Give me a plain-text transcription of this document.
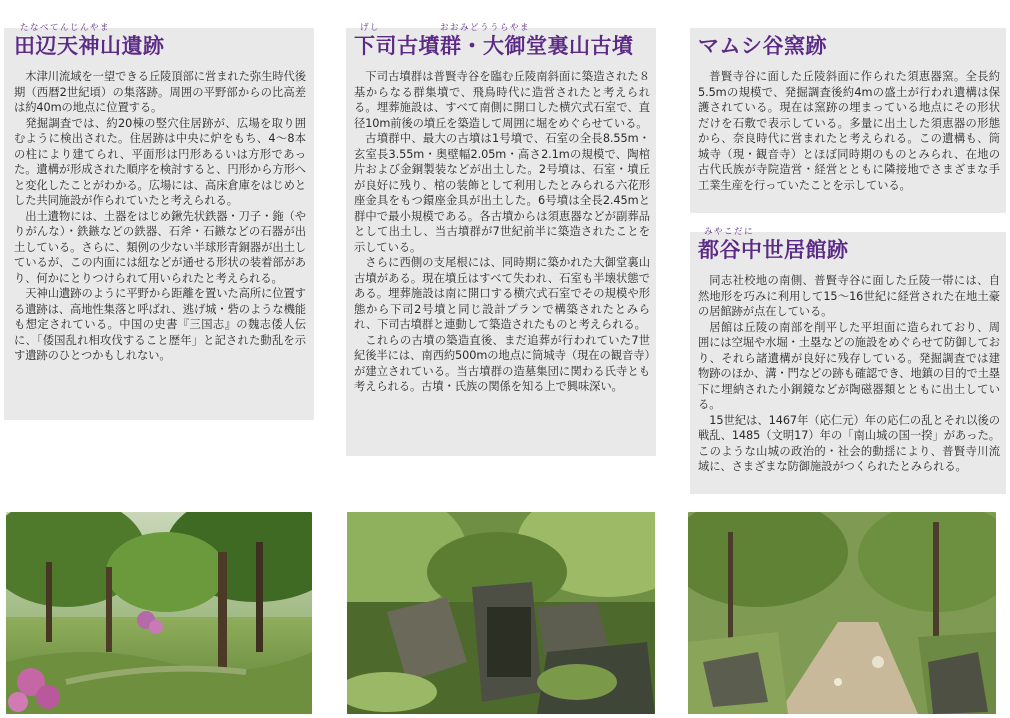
たなべてんじんやま
田辺天神山遺跡

木津川流域を一望できる丘陵頂部に営まれた弥生時代後期（西暦2世紀頃）の集落跡。周囲の平野部からの比高差は約40mの地点に位置する。

発掘調査では、約20棟の竪穴住居跡が、広場を取り囲むように検出された。住居跡は中央に炉をもち、4～8本の柱により建てられ、平面形は円形あるいは方形であった。遺構が形成された順序を検討すると、円形から方形へと変化したことがわかる。広場には、高床倉庫をはじめとした共同施設が作られていたと考えられる。

出土遺物には、土器をはじめ鍬先状鉄器・刀子・鉇（やりがんな）・鉄鏃などの鉄器、石斧・石鏃などの石器が出土している。さらに、類例の少ない半球形青銅器が出土しているが、この内面には紐などが通せる形状の装着部があり、何かにとりつけられて用いられたと考えられる。

天神山遺跡のように平野から距離を置いた高所に位置する遺跡は、高地性集落と呼ばれ、逃げ城・砦のような機能も想定されている。中国の史書『三国志』の魏志倭人伝に、「倭国乱れ相攻伐すること歴年」と記された動乱を示す遺跡のひとつかもしれない。

げし　　　　　　おおみどううらやま
下司古墳群・大御堂裏山古墳

下司古墳群は普賢寺谷を臨む丘陵南斜面に築造された８基からなる群集墳で、飛鳥時代に造営されたと考えられる。埋葬施設は、すべて南側に開口した横穴式石室で、直径10m前後の墳丘を築造して周囲に堀をめぐらせている。

古墳群中、最大の古墳は1号墳で、石室の全長8.55m・玄室長3.55m・奥壁幅2.05m・高さ2.1mの規模で、陶棺片および金銅製装などが出土した。2号墳は、石室・墳丘が良好に残り、棺の装飾として利用したとみられる六花形座金具をもつ鐶座金具が出土した。6号墳は全長2.45mと群中で最小規模である。各古墳からは須恵器などが副葬品として出土し、当古墳群が7世紀前半に築造されたことを示している。

さらに西側の支尾根には、同時期に築かれた大御堂裏山古墳がある。現在墳丘はすべて失われ、石室も半壊状態である。埋葬施設は南に開口する横穴式石室でその規模や形態から下司2号墳と同じ設計プランで構築されたとみられ、下司古墳群と連動して築造されたものと考えられる。

これらの古墳の築造直後、まだ追葬が行われていた7世紀後半には、南西約500mの地点に筒城寺（現在の観音寺）が建立されている。当古墳群の造墓集団に関わる氏寺とも考えられる。古墳・氏族の関係を知る上で興味深い。

マムシ谷窯跡

普賢寺谷に面した丘陵斜面に作られた須恵器窯。全長約5.5mの規模で、発掘調査後約4mの盛土が行われ遺構は保護されている。現在は窯跡の埋まっている地点にその形状だけを石敷で表示している。多量に出土した須恵器の形態から、奈良時代に営まれたと考えられる。この遺構も、筒城寺（現・観音寺）とほぼ同時期のものとみられ、在地の古代氏族が寺院造営・経営とともに隣接地でさまざまな手工業生産を行っていたことを示している。

みやこだに
都谷中世居館跡

同志社校地の南側、普賢寺谷に面した丘陵一帯には、自然地形を巧みに利用して15～16世紀に経営された在地土豪の居館跡が点在している。

居館は丘陵の南部を削平した平坦面に造られており、周囲には空堀や水堀・土塁などの施設をめぐらせて防御しており、それら諸遺構が良好に残存している。発掘調査では建物跡のほか、溝・門などの跡も確認でき、地鎮の目的で土塁下に埋納された小銅鏡などが陶磁器類とともに出土している。

15世紀は、1467年（応仁元）年の応仁の乱とそれ以後の戦乱、1485（文明17）年の「南山城の国一揆」があった。このような山城の政治的・社会的動揺により、普賢寺川流域に、さまざまな防御施設がつくられたとみられる。
